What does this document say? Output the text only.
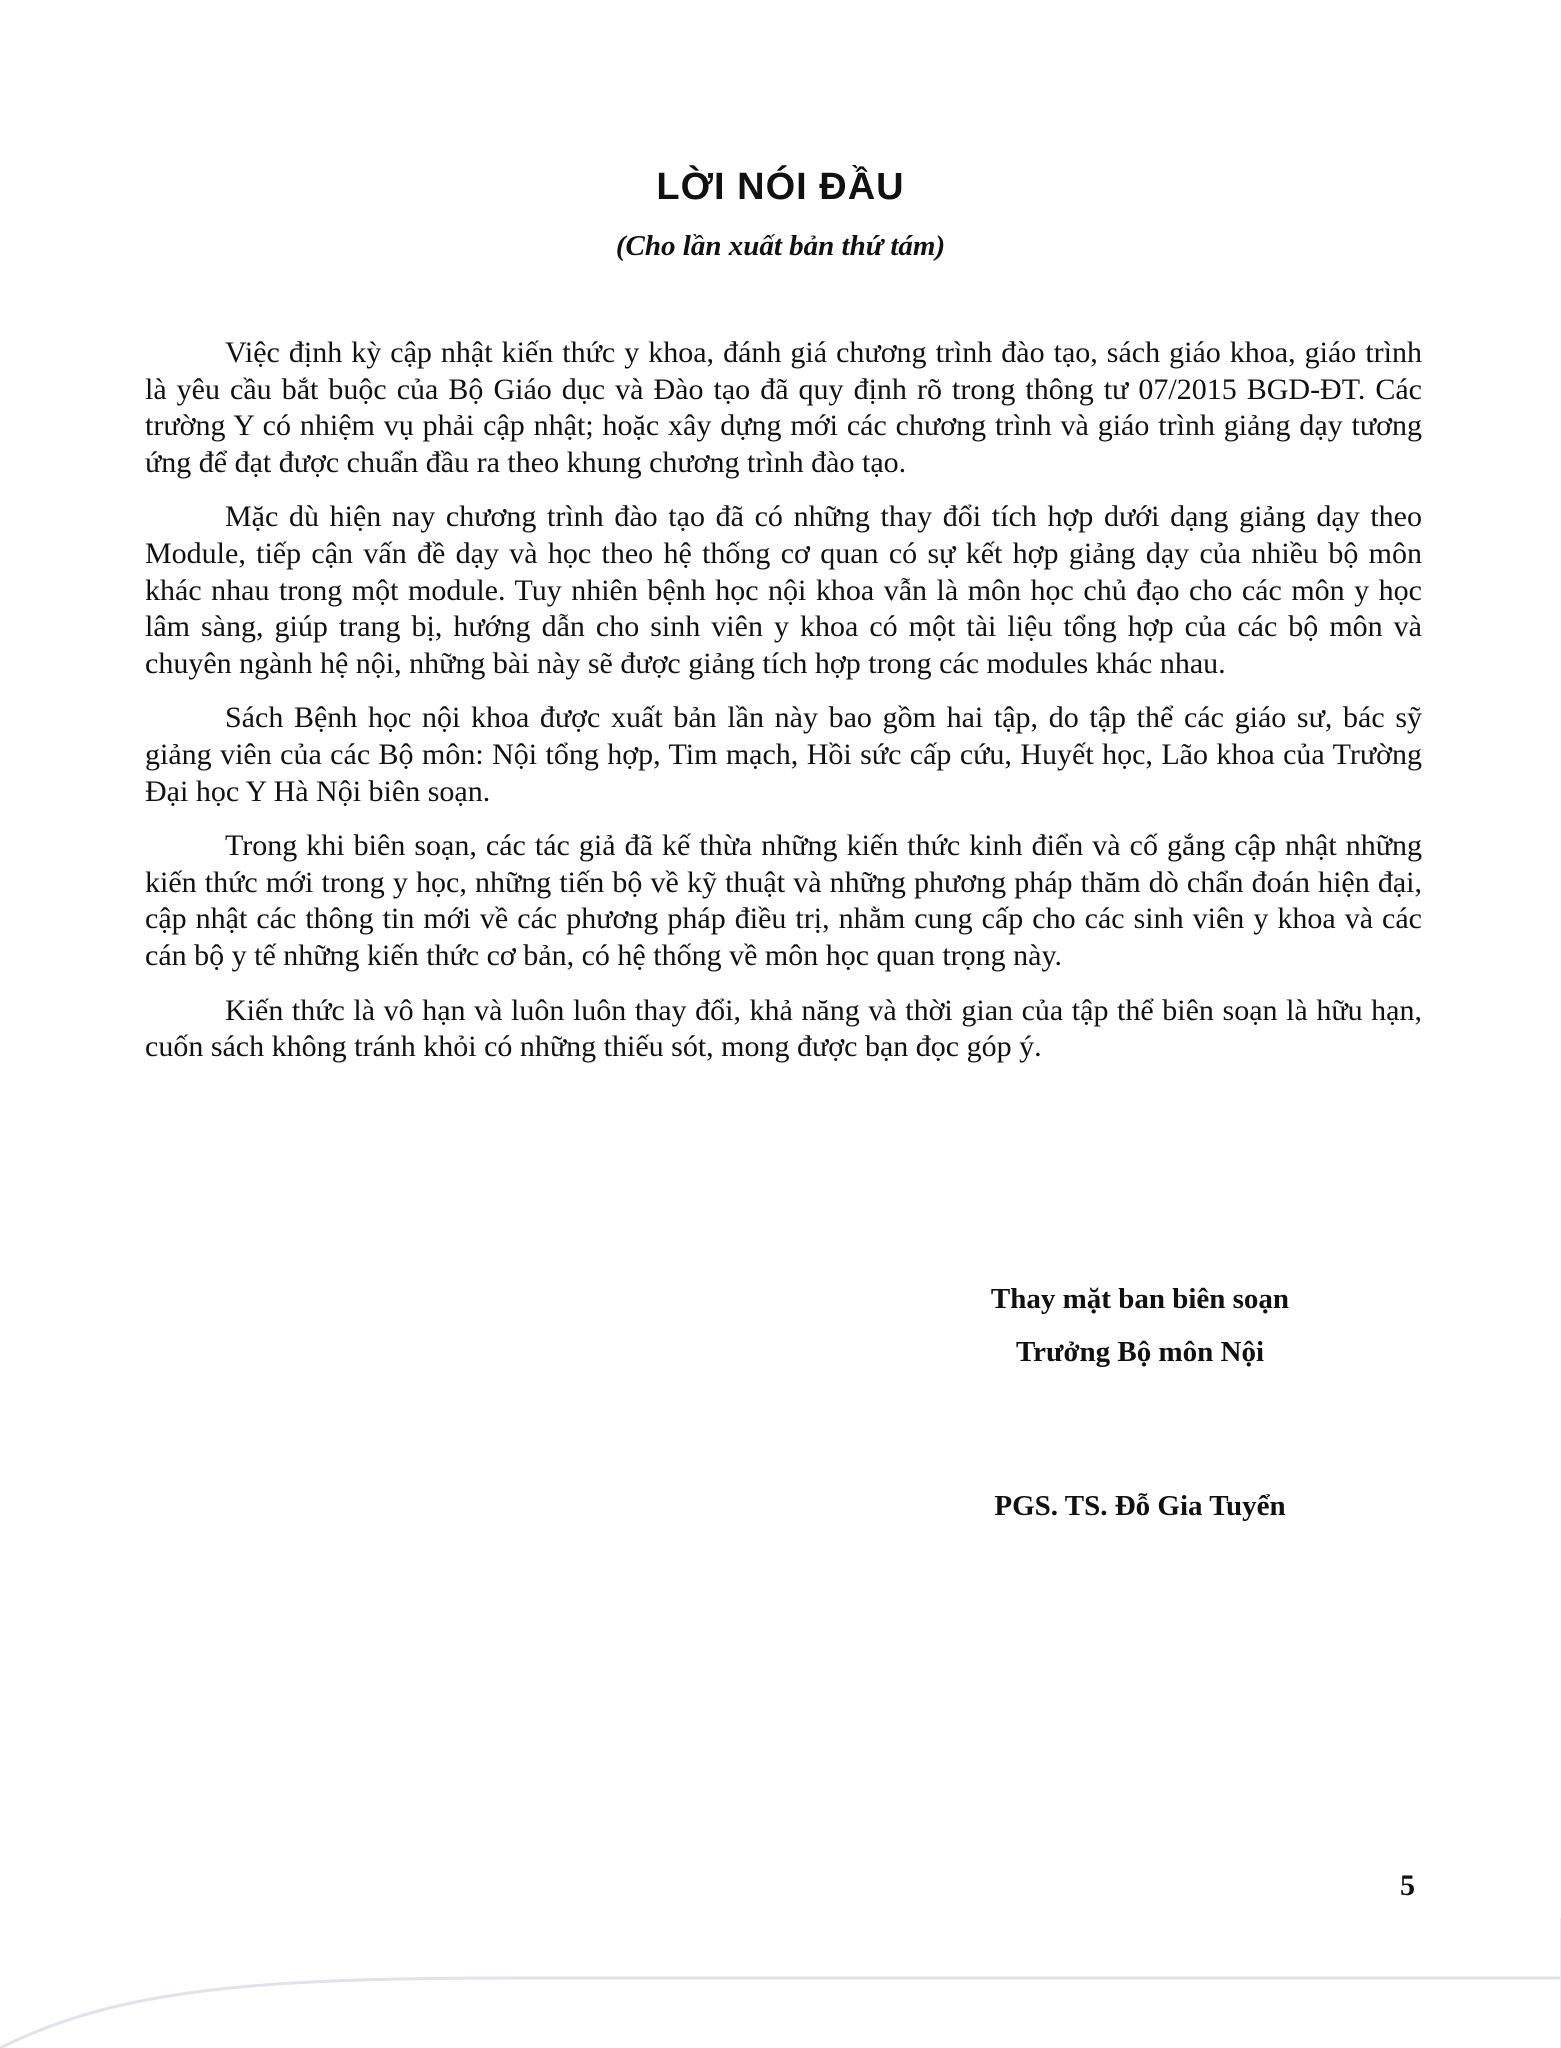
LỜI NÓI ĐẦU

(Cho lần xuất bản thứ tám)

Việc định kỳ cập nhật kiến thức y khoa, đánh giá chương trình đào tạo, sách giáo khoa, giáo trình là yêu cầu bắt buộc của Bộ Giáo dục và Đào tạo đã quy định rõ trong thông tư 07/2015 BGD-ĐT. Các trường Y có nhiệm vụ phải cập nhật; hoặc xây dựng mới các chương trình và giáo trình giảng dạy tương ứng để đạt được chuẩn đầu ra theo khung chương trình đào tạo.

Mặc dù hiện nay chương trình đào tạo đã có những thay đổi tích hợp dưới dạng giảng dạy theo Module, tiếp cận vấn đề dạy và học theo hệ thống cơ quan có sự kết hợp giảng dạy của nhiều bộ môn khác nhau trong một module. Tuy nhiên bệnh học nội khoa vẫn là môn học chủ đạo cho các môn y học lâm sàng, giúp trang bị, hướng dẫn cho sinh viên y khoa có một tài liệu tổng hợp của các bộ môn và chuyên ngành hệ nội, những bài này sẽ được giảng tích hợp trong các modules khác nhau.

Sách Bệnh học nội khoa được xuất bản lần này bao gồm hai tập, do tập thể các giáo sư, bác sỹ giảng viên của các Bộ môn: Nội tổng hợp, Tim mạch, Hồi sức cấp cứu, Huyết học, Lão khoa của Trường Đại học Y Hà Nội biên soạn.

Trong khi biên soạn, các tác giả đã kế thừa những kiến thức kinh điển và cố gắng cập nhật những kiến thức mới trong y học, những tiến bộ về kỹ thuật và những phương pháp thăm dò chẩn đoán hiện đại, cập nhật các thông tin mới về các phương pháp điều trị, nhằm cung cấp cho các sinh viên y khoa và các cán bộ y tế những kiến thức cơ bản, có hệ thống về môn học quan trọng này.

Kiến thức là vô hạn và luôn luôn thay đổi, khả năng và thời gian của tập thể biên soạn là hữu hạn, cuốn sách không tránh khỏi có những thiếu sót, mong được bạn đọc góp ý.

Thay mặt ban biên soạn

Trưởng Bộ môn Nội

PGS. TS. Đỗ Gia Tuyển

5
